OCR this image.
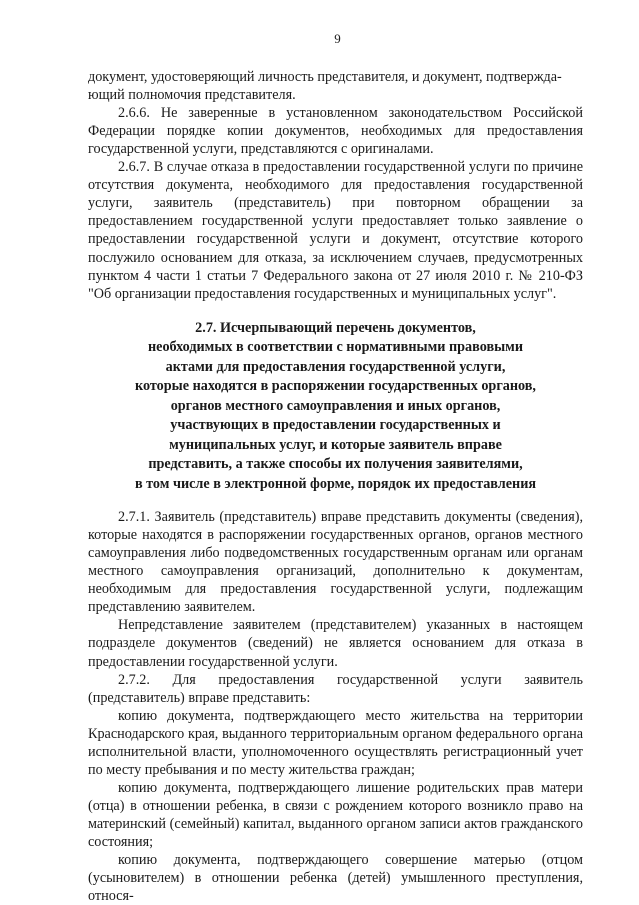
9

документ, удостоверяющий личность представителя, и документ, подтвержда-

ющий полномочия представителя.

2.6.6. Не заверенные в установленном законодательством Российской Федерации порядке копии документов, необходимых для предоставления государственной услуги, представляются с оригиналами.

2.6.7. В случае отказа в предоставлении государственной услуги по причине отсутствия документа, необходимого для предоставления государственной услуги, заявитель (представитель) при повторном обращении за предоставлением государственной услуги предоставляет только заявление о предоставлении государственной услуги и документ, отсутствие которого послужило основанием для отказа, за исключением случаев, предусмотренных пунктом 4 части 1 статьи 7 Федерального закона от 27 июля 2010 г. № 210-ФЗ "Об организации предоставления государственных и муниципальных услуг".

2.7. Исчерпывающий перечень документов,
необходимых в соответствии с нормативными правовыми
актами для предоставления государственной услуги,
которые находятся в распоряжении государственных органов,
органов местного самоуправления и иных органов,
участвующих в предоставлении государственных и
муниципальных услуг, и которые заявитель вправе
представить, а также способы их получения заявителями,
в том числе в электронной форме, порядок их предоставления

2.7.1. Заявитель (представитель) вправе представить документы (сведения), которые находятся в распоряжении государственных органов, органов местного самоуправления либо подведомственных государственным органам или органам местного самоуправления организаций, дополнительно к документам, необходимым для предоставления государственной услуги, подлежащим представлению заявителем.

Непредставление заявителем (представителем) указанных в настоящем подразделе документов (сведений) не является основанием для отказа в предоставлении государственной услуги.

2.7.2. Для предоставления государственной услуги заявитель (представитель) вправе представить:

копию документа, подтверждающего место жительства на территории Краснодарского края, выданного территориальным органом федерального органа исполнительной власти, уполномоченного осуществлять регистрационный учет по месту пребывания и по месту жительства граждан;

копию документа, подтверждающего лишение родительских прав матери (отца) в отношении ребенка, в связи с рождением которого возникло право на материнский (семейный) капитал, выданного органом записи актов гражданского состояния;

копию документа, подтверждающего совершение матерью (отцом (усыновителем) в отношении ребенка (детей) умышленного преступления, относя-
